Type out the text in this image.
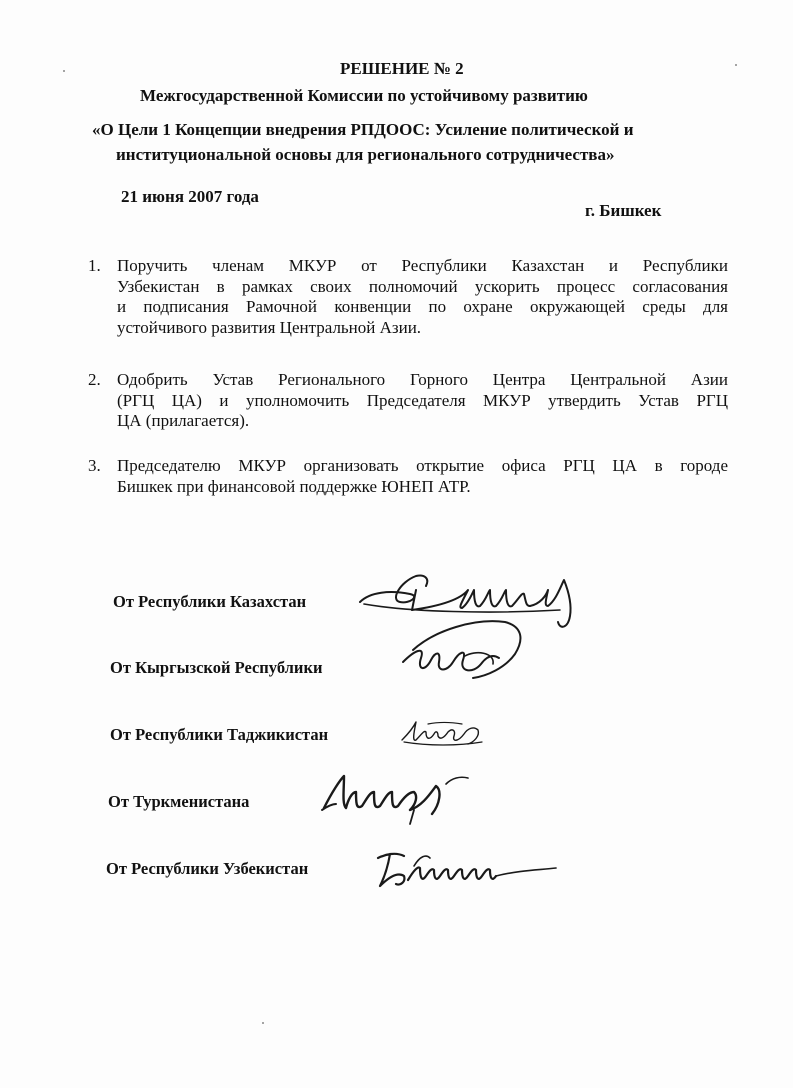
РЕШЕНИЕ № 2
Межгосударственной Комиссии по устойчивому развитию
«О Цели 1 Концепции внедрения РПДООС: Усиление политической и
институциональной основы для регионального сотрудничества»
21 июня 2007 года
г. Бишкек
1. Поручить членам МКУР от Республики Казахстан и Республики
Узбекистан в рамках своих полномочий ускорить процесс согласования
и подписания Рамочной конвенции по охране окружающей среды для
устойчивого развития Центральной Азии.
2. Одобрить Устав Регионального Горного Центра Центральной Азии
(РГЦ ЦА) и уполномочить Председателя МКУР утвердить Устав РГЦ
ЦА (прилагается).
3. Председателю МКУР организовать открытие офиса РГЦ ЦА в городе
Бишкек при финансовой поддержке ЮНЕП АТР.
От Республики Казахстан
От Кыргызской Республики
От Республики Таджикистан
От Туркменистана
От Республики Узбекистан
